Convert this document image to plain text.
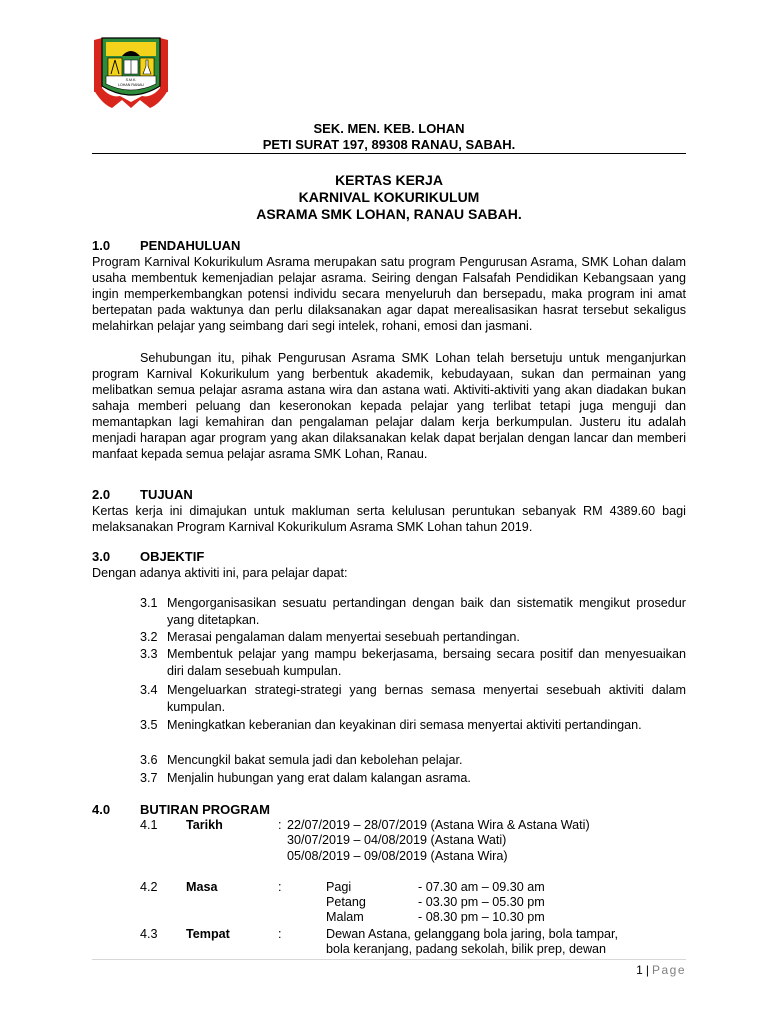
S.M.K.
LOHAN RANAU
SEK. MEN. KEB. LOHAN
PETI SURAT 197, 89308 RANAU, SABAH.
KERTAS KERJA
KARNIVAL KOKURIKULUM
ASRAMA SMK LOHAN, RANAU SABAH.
1.0 PENDAHULUAN

Program Karnival Kokurikulum Asrama merupakan satu program Pengurusan Asrama, SMK Lohan dalam usaha membentuk kemenjadian pelajar asrama. Seiring dengan Falsafah Pendidikan Kebangsaan yang ingin memperkembangkan potensi individu secara menyeluruh dan bersepadu, maka program ini amat bertepatan pada waktunya dan perlu dilaksanakan agar dapat merealisasikan hasrat tersebut sekaligus melahirkan pelajar yang seimbang dari segi intelek, rohani, emosi dan jasmani.

Sehubungan itu, pihak Pengurusan Asrama SMK Lohan telah bersetuju untuk menganjurkan program Karnival Kokurikulum yang berbentuk akademik, kebudayaan, sukan dan permainan yang melibatkan semua pelajar asrama astana wira dan astana wati. Aktiviti-aktiviti yang akan diadakan bukan sahaja memberi peluang dan keseronokan kepada pelajar yang terlibat tetapi juga menguji dan memantapkan lagi kemahiran dan pengalaman pelajar dalam kerja berkumpulan. Justeru itu adalah menjadi harapan agar program yang akan dilaksanakan kelak dapat berjalan dengan lancar dan memberi manfaat kepada semua pelajar asrama SMK Lohan, Ranau.

2.0 TUJUAN

Kertas kerja ini dimajukan untuk makluman serta kelulusan peruntukan sebanyak RM 4389.60 bagi melaksanakan Program Karnival Kokurikulum Asrama SMK Lohan tahun 2019.

3.0 OBJEKTIF

Dengan adanya aktiviti ini, para pelajar dapat:

3.1 Mengorganisasikan sesuatu pertandingan dengan baik dan sistematik mengikut prosedur yang ditetapkan.
3.2 Merasai pengalaman dalam menyertai sesebuah pertandingan.
3.3 Membentuk pelajar yang mampu bekerjasama, bersaing secara positif dan menyesuaikan diri dalam sesebuah kumpulan.
3.4 Mengeluarkan strategi-strategi yang bernas semasa menyertai sesebuah aktiviti dalam kumpulan.
3.5 Meningkatkan keberanian dan keyakinan diri semasa menyertai aktiviti pertandingan.
3.6 Mencungkil bakat semula jadi dan kebolehan pelajar.
3.7 Menjalin hubungan yang erat dalam kalangan asrama.
4.0 BUTIRAN PROGRAM
4.1 Tarikh	: 22/07/2019 – 28/07/2019 (Astana Wira & Astana Wati)
30/07/2019 – 04/08/2019 (Astana Wati)
05/08/2019 – 09/08/2019 (Astana Wira)
4.2 Masa	:	Pagi	- 07.30 am – 09.30 am
Petang	- 03.30 pm – 05.30 pm
Malam	- 08.30 pm – 10.30 pm
4.3 Tempat	:	Dewan Astana, gelanggang bola jaring, bola tampar,
bola keranjang, padang sekolah, bilik prep, dewan
1 | Page
